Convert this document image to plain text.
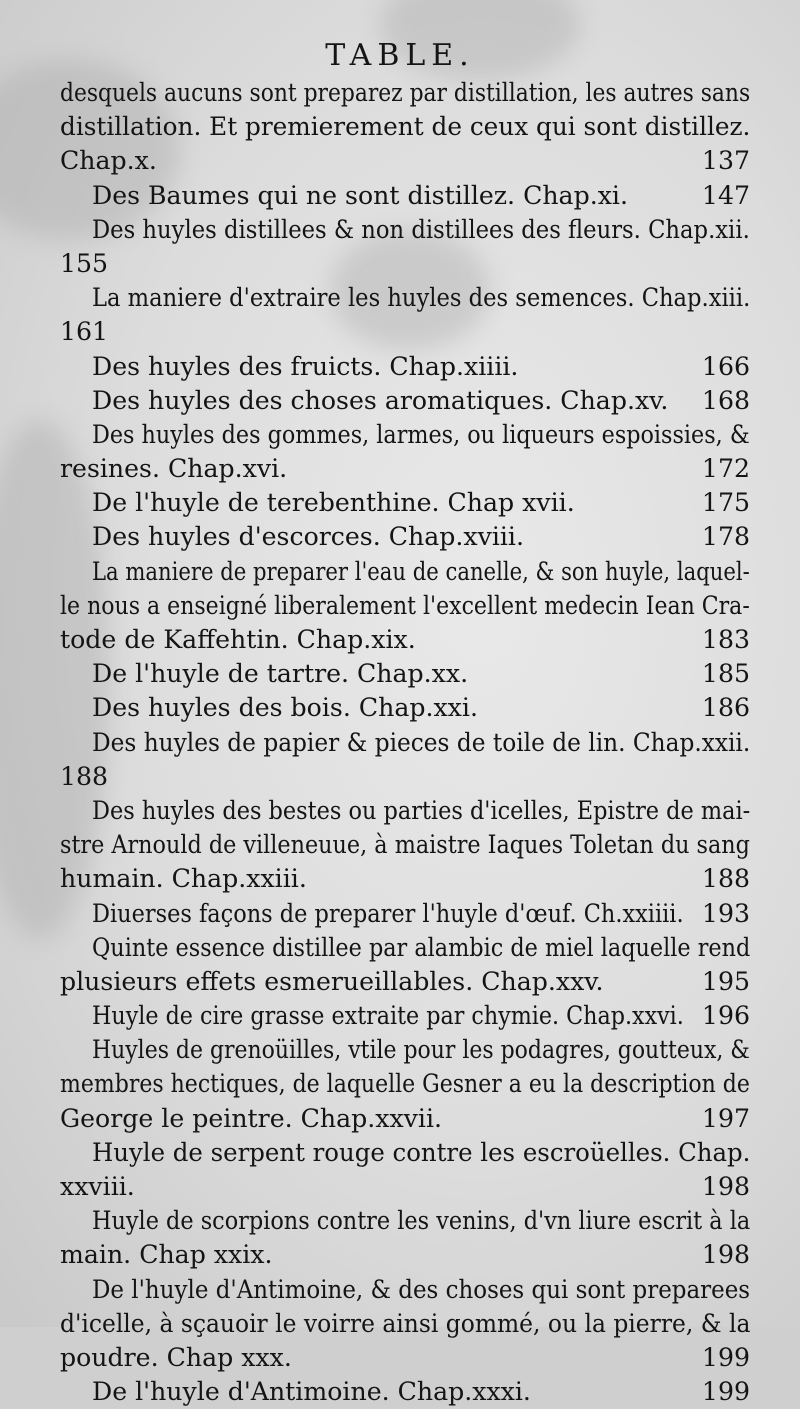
TABLE.
desquels aucuns sont preparez par distillation, les autres sans
distillation. Et premierement de ceux qui sont distillez.
Chap.x.	137
Des Baumes qui ne sont distillez. Chap.xi.	147
Des huyles distillees & non distillees des fleurs. Chap.xii.
155
La maniere d'extraire les huyles des semences. Chap.xiii.
161
Des huyles des fruicts. Chap.xiiii.	166
Des huyles des choses aromatiques. Chap.xv. 168
Des huyles des gommes, larmes, ou liqueurs espoissies, &
resines. Chap.xvi.	172
De l'huyle de terebenthine. Chap xvii.	175
Des huyles d'escorces. Chap.xviii.	178
La maniere de preparer l'eau de canelle, & son huyle, laquel-
le nous a enseigné liberalement l'excellent medecin Iean Cra-
tode de Kaffehtin. Chap.xix.	183
De l'huyle de tartre. Chap.xx.	185
Des huyles des bois. Chap.xxi.	186
Des huyles de papier & pieces de toile de lin. Chap.xxii.
188
Des huyles des bestes ou parties d'icelles, Epistre de mai-
stre Arnould de villeneuue, à maistre Iaques Toletan du sang
humain. Chap.xxiii.	188
Diuerses façons de preparer l'huyle d'œuf. Ch.xxiiii. 193
Quinte essence distillee par alambic de miel laquelle rend
plusieurs effets esmerueillables. Chap.xxv.	195
Huyle de cire grasse extraite par chymie. Chap.xxvi. 196
Huyles de grenoüilles, vtile pour les podagres, goutteux, &
membres hectiques, de laquelle Gesner a eu la description de
George le peintre. Chap.xxvii.	197
Huyle de serpent rouge contre les escroüelles. Chap.
xxviii.	198
Huyle de scorpions contre les venins, d'vn liure escrit à la
main. Chap xxix.	198
De l'huyle d'Antimoine, & des choses qui sont preparees
d'icelle, à sçauoir le voirre ainsi gommé, ou la pierre, & la
poudre. Chap xxx.	199
De l'huyle d'Antimoine. Chap.xxxi.	199
